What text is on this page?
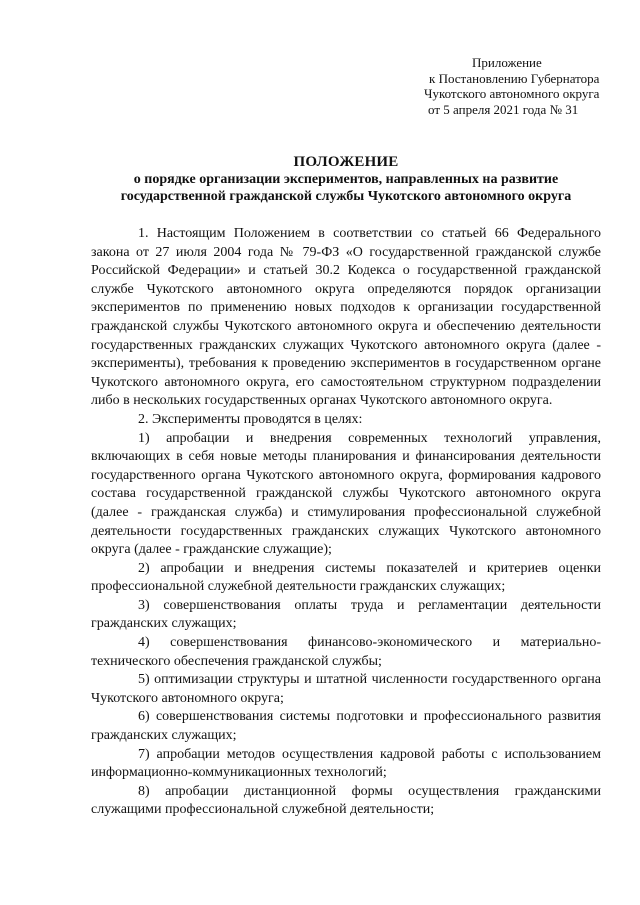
Приложение
к Постановлению Губернатора
Чукотского автономного округа
от 5 апреля 2021 года № 31
ПОЛОЖЕНИЕ
о порядке организации экспериментов, направленных на развитие
государственной гражданской службы Чукотского автономного округа

1. Настоящим Положением в соответствии со статьей 66 Федерального закона от 27 июля 2004 года № 79-ФЗ «О государственной гражданской службе Российской Федерации» и статьей 30.2 Кодекса о государственной гражданской службе Чукотского автономного округа определяются порядок организации экспериментов по применению новых подходов к организации государственной гражданской службы Чукотского автономного округа и обеспечению деятельности государственных гражданских служащих Чукотского автономного округа (далее - эксперименты), требования к проведению экспериментов в государственном органе Чукотского автономного округа, его самостоятельном структурном подразделении либо в нескольких государственных органах Чукотского автономного округа.

2. Эксперименты проводятся в целях:

1) апробации и внедрения современных технологий управления, включающих в себя новые методы планирования и финансирования деятельности государственного органа Чукотского автономного округа, формирования кадрового состава государственной гражданской службы Чукотского автономного округа (далее - гражданская служба) и стимулирования профессиональной служебной деятельности государственных гражданских служащих Чукотского автономного округа (далее - гражданские служащие);

2) апробации и внедрения системы показателей и критериев оценки профессиональной служебной деятельности гражданских служащих;

3) совершенствования оплаты труда и регламентации деятельности гражданских служащих;

4) совершенствования финансово-экономического и материально-технического обеспечения гражданской службы;

5) оптимизации структуры и штатной численности государственного органа Чукотского автономного округа;

6) совершенствования системы подготовки и профессионального развития гражданских служащих;

7) апробации методов осуществления кадровой работы с использованием информационно-коммуникационных технологий;

8) апробации дистанционной формы осуществления гражданскими служащими профессиональной служебной деятельности;
